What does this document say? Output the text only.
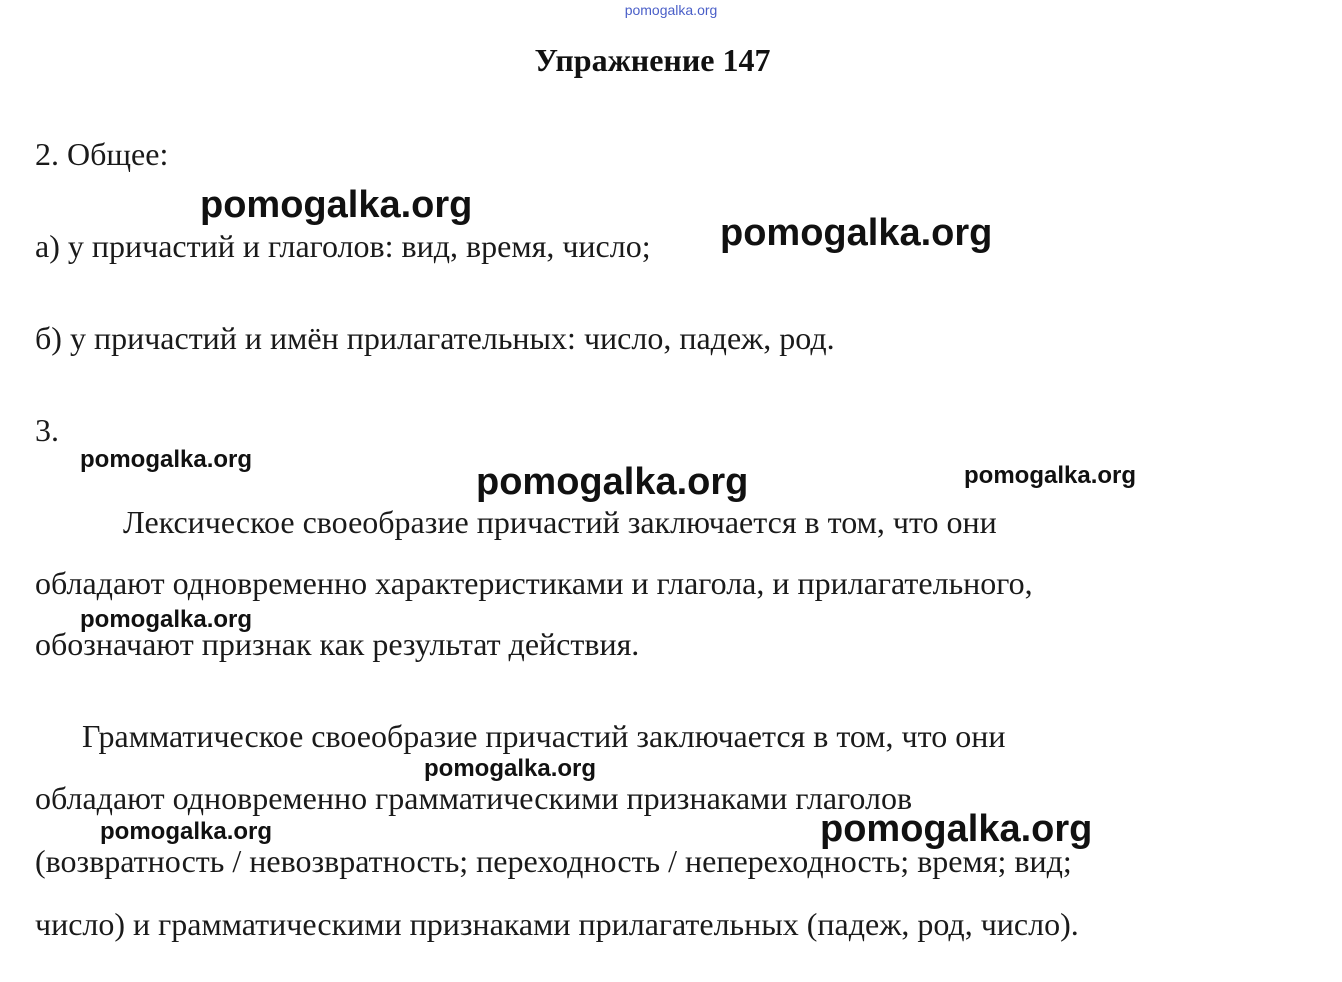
pomogalka.org
Упражнение 147
2. Общее:
а) у причастий и глаголов: вид, время, число;
б) у причастий и имён прилагательных: число, падеж, род.
3.
Лексическое своеобразие причастий заключается в том, что они
обладают одновременно характеристиками и глагола, и прилагательного,
обозначают признак как результат действия.
Грамматическое своеобразие причастий заключается в том, что они
обладают одновременно грамматическими признаками глаголов
(возвратность / невозвратность; переходность / непереходность; время; вид;
число) и грамматическими признаками прилагательных (падеж, род, число).
pomogalka.org
pomogalka.org
pomogalka.org
pomogalka.org	pomogalka.org
pomogalka.org
pomogalka.org
pomogalka.org	pomogalka.org
